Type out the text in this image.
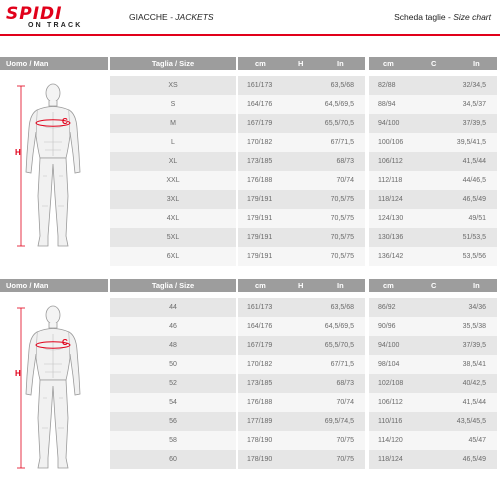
SPIDI
ON TRACK
GIACCHE - JACKETS	Scheda taglie - Size chart
Uomo / Man	Taglia / Size	cm	H	In	cm	C	In
H
C
XS	161/173	63,5/68	82/88	32/34,5
S	164/176	64,5/69,5	88/94	34,5/37
M	167/179	65,5/70,5	94/100	37/39,5
L	170/182	67/71,5	100/106	39,5/41,5
XL	173/185	68/73	106/112	41,5/44
XXL	176/188	70/74	112/118	44/46,5
3XL	179/191	70,5/75	118/124	46,5/49
4XL	179/191	70,5/75	124/130	49/51
5XL	179/191	70,5/75	130/136	51/53,5
6XL	179/191	70,5/75	136/142	53,5/56
Uomo / Man	Taglia / Size	cm	H	In	cm	C	In
H
C
44	161/173	63,5/68	86/92	34/36
46	164/176	64,5/69,5	90/96	35,5/38
48	167/179	65,5/70,5	94/100	37/39,5
50	170/182	67/71,5	98/104	38,5/41
52	173/185	68/73	102/108	40/42,5
54	176/188	70/74	106/112	41,5/44
56	177/189	69,5/74,5	110/116	43,5/45,5
58	178/190	70/75	114/120	45/47
60	178/190	70/75	118/124	46,5/49
